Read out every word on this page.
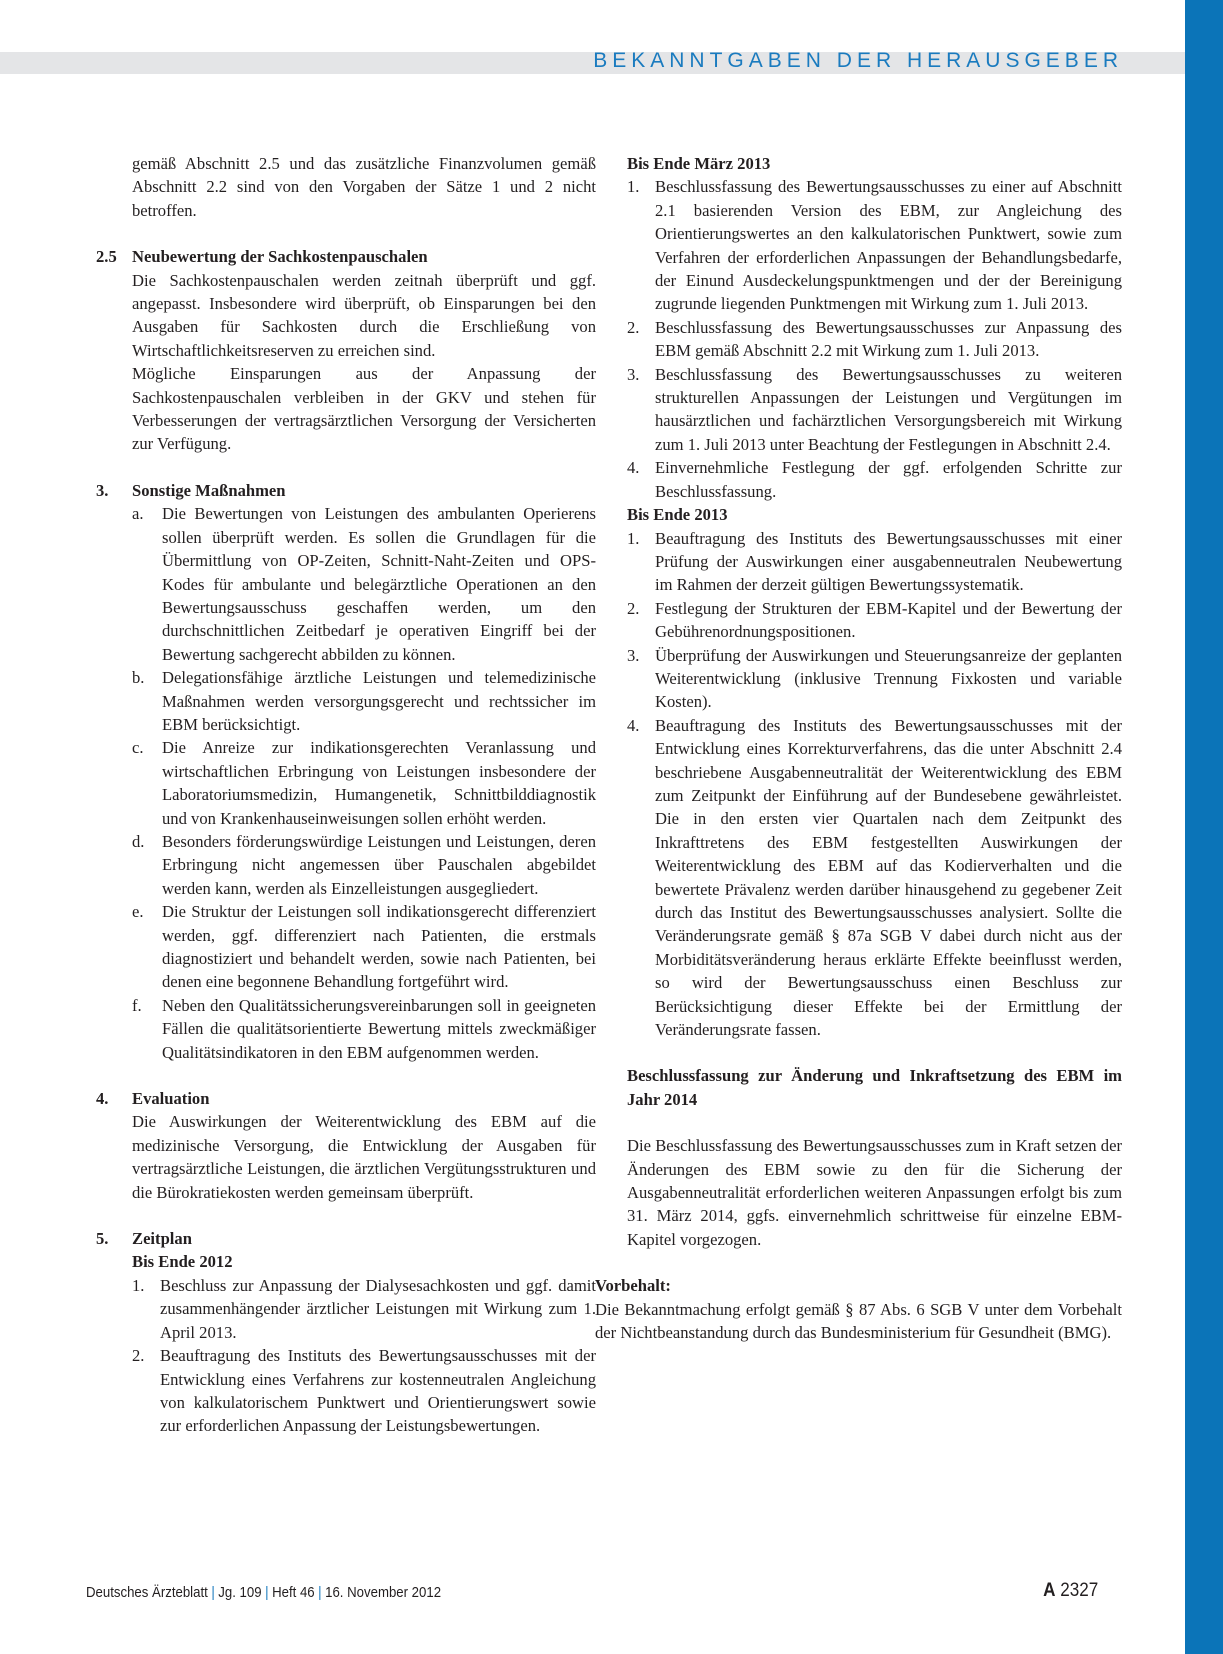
BEKANNTGABEN DER HERAUSGEBER
gemäß Abschnitt 2.5 und das zusätzliche Finanzvolumen gemäß Abschnitt 2.2 sind von den Vorgaben der Sätze 1 und 2 nicht betroffen.
2.5 Neubewertung der Sachkostenpauschalen
Die Sachkostenpauschalen werden zeitnah überprüft und ggf. angepasst. Insbesondere wird überprüft, ob Einsparungen bei den Ausgaben für Sachkosten durch die Erschließung von Wirtschaftlichkeitsreserven zu erreichen sind.
Mögliche Einsparungen aus der Anpassung der Sachkostenpauschalen verbleiben in der GKV und stehen für Verbesserungen der vertragsärztlichen Versorgung der Versicherten zur Verfügung.
3.	Sonstige Maßnahmen
a.	Die Bewertungen von Leistungen des ambulanten Operierens sollen überprüft werden. Es sollen die Grundlagen für die Übermittlung von OP-Zeiten, Schnitt-Naht-Zeiten und OPS-Kodes für ambulante und belegärztliche Operationen an den Bewertungsausschuss geschaffen werden, um den durchschnittlichen Zeitbedarf je operativen Eingriff bei der Bewertung sachgerecht abbilden zu können.
b.	Delegationsfähige ärztliche Leistungen und telemedizinische Maßnahmen werden versorgungsgerecht und rechtssicher im EBM berücksichtigt.
c.	Die Anreize zur indikationsgerechten Veranlassung und wirtschaftlichen Erbringung von Leistungen insbesondere der Laboratoriumsmedizin, Humangenetik, Schnittbilddiagnostik und von Krankenhauseinweisungen sollen erhöht werden.
d.	Besonders förderungswürdige Leistungen und Leistungen, deren Erbringung nicht angemessen über Pauschalen abgebildet werden kann, werden als Einzelleistungen ausgegliedert.
e.	Die Struktur der Leistungen soll indikationsgerecht differenziert werden, ggf. differenziert nach Patienten, die erstmals diagnostiziert und behandelt werden, sowie nach Patienten, bei denen eine begonnene Behandlung fortgeführt wird.
f.	Neben den Qualitätssicherungsvereinbarungen soll in geeigneten Fällen die qualitätsorientierte Bewertung mittels zweckmäßiger Qualitätsindikatoren in den EBM aufgenommen werden.
4.	Evaluation
Die Auswirkungen der Weiterentwicklung des EBM auf die medizinische Versorgung, die Entwicklung der Ausgaben für vertragsärztliche Leistungen, die ärztlichen Vergütungsstrukturen und die Bürokratiekosten werden gemeinsam überprüft.
5.	Zeitplan
Bis Ende 2012
1. Beschluss zur Anpassung der Dialysesachkosten und ggf. damit zusammenhängender ärztlicher Leistungen mit Wirkung zum 1. April 2013.
2. Beauftragung des Instituts des Bewertungsausschusses mit der Entwicklung eines Verfahrens zur kostenneutralen Angleichung von kalkulatorischem Punktwert und Orientierungswert sowie zur erforderlichen Anpassung der Leistungsbewertungen.
Bis Ende März 2013
1. Beschlussfassung des Bewertungsausschusses zu einer auf Abschnitt 2.1 basierenden Version des EBM, zur Angleichung des Orientierungswertes an den kalkulatorischen Punktwert, sowie zum Verfahren der erforderlichen Anpassungen der Behandlungsbedarfe, der Einund Ausdeckelungspunktmengen und der der Bereinigung zugrunde liegenden Punktmengen mit Wirkung zum 1. Juli 2013.
2. Beschlussfassung des Bewertungsausschusses zur Anpassung des EBM gemäß Abschnitt 2.2 mit Wirkung zum 1. Juli 2013.
3. Beschlussfassung des Bewertungsausschusses zu weiteren strukturellen Anpassungen der Leistungen und Vergütungen im hausärztlichen und fachärztlichen Versorgungsbereich mit Wirkung zum 1. Juli 2013 unter Beachtung der Festlegungen in Abschnitt 2.4.
4. Einvernehmliche Festlegung der ggf. erfolgenden Schritte zur Beschlussfassung.
Bis Ende 2013
1. Beauftragung des Instituts des Bewertungsausschusses mit einer Prüfung der Auswirkungen einer ausgabenneutralen Neubewertung im Rahmen der derzeit gültigen Bewertungssystematik.
2. Festlegung der Strukturen der EBM-Kapitel und der Bewertung der Gebührenordnungspositionen.
3. Überprüfung der Auswirkungen und Steuerungsanreize der geplanten Weiterentwicklung (inklusive Trennung Fixkosten und variable Kosten).
4. Beauftragung des Instituts des Bewertungsausschusses mit der Entwicklung eines Korrekturverfahrens, das die unter Abschnitt 2.4 beschriebene Ausgabenneutralität der Weiterentwicklung des EBM zum Zeitpunkt der Einführung auf der Bundesebene gewährleistet. Die in den ersten vier Quartalen nach dem Zeitpunkt des Inkrafttretens des EBM festgestellten Auswirkungen der Weiterentwicklung des EBM auf das Kodierverhalten und die bewertete Prävalenz werden darüber hinausgehend zu gegebener Zeit durch das Institut des Bewertungsausschusses analysiert. Sollte die Veränderungsrate gemäß § 87a SGB V dabei durch nicht aus der Morbiditätsveränderung heraus erklärte Effekte beeinflusst werden, so wird der Bewertungsausschuss einen Beschluss zur Berücksichtigung dieser Effekte bei der Ermittlung der Veränderungsrate fassen.
Beschlussfassung zur Änderung und Inkraftsetzung des EBM im Jahr 2014
Die Beschlussfassung des Bewertungsausschusses zum in Kraft setzen der Änderungen des EBM sowie zu den für die Sicherung der Ausgabenneutralität erforderlichen weiteren Anpassungen erfolgt bis zum 31. März 2014, ggfs. einvernehmlich schrittweise für einzelne EBM-Kapitel vorgezogen.
Vorbehalt:
Die Bekanntmachung erfolgt gemäß § 87 Abs. 6 SGB V unter dem Vorbehalt der Nichtbeanstandung durch das Bundesministerium für Gesundheit (BMG).
Deutsches Ärzteblatt | Jg. 109 | Heft 46 | 16. November 2012	A 2327
